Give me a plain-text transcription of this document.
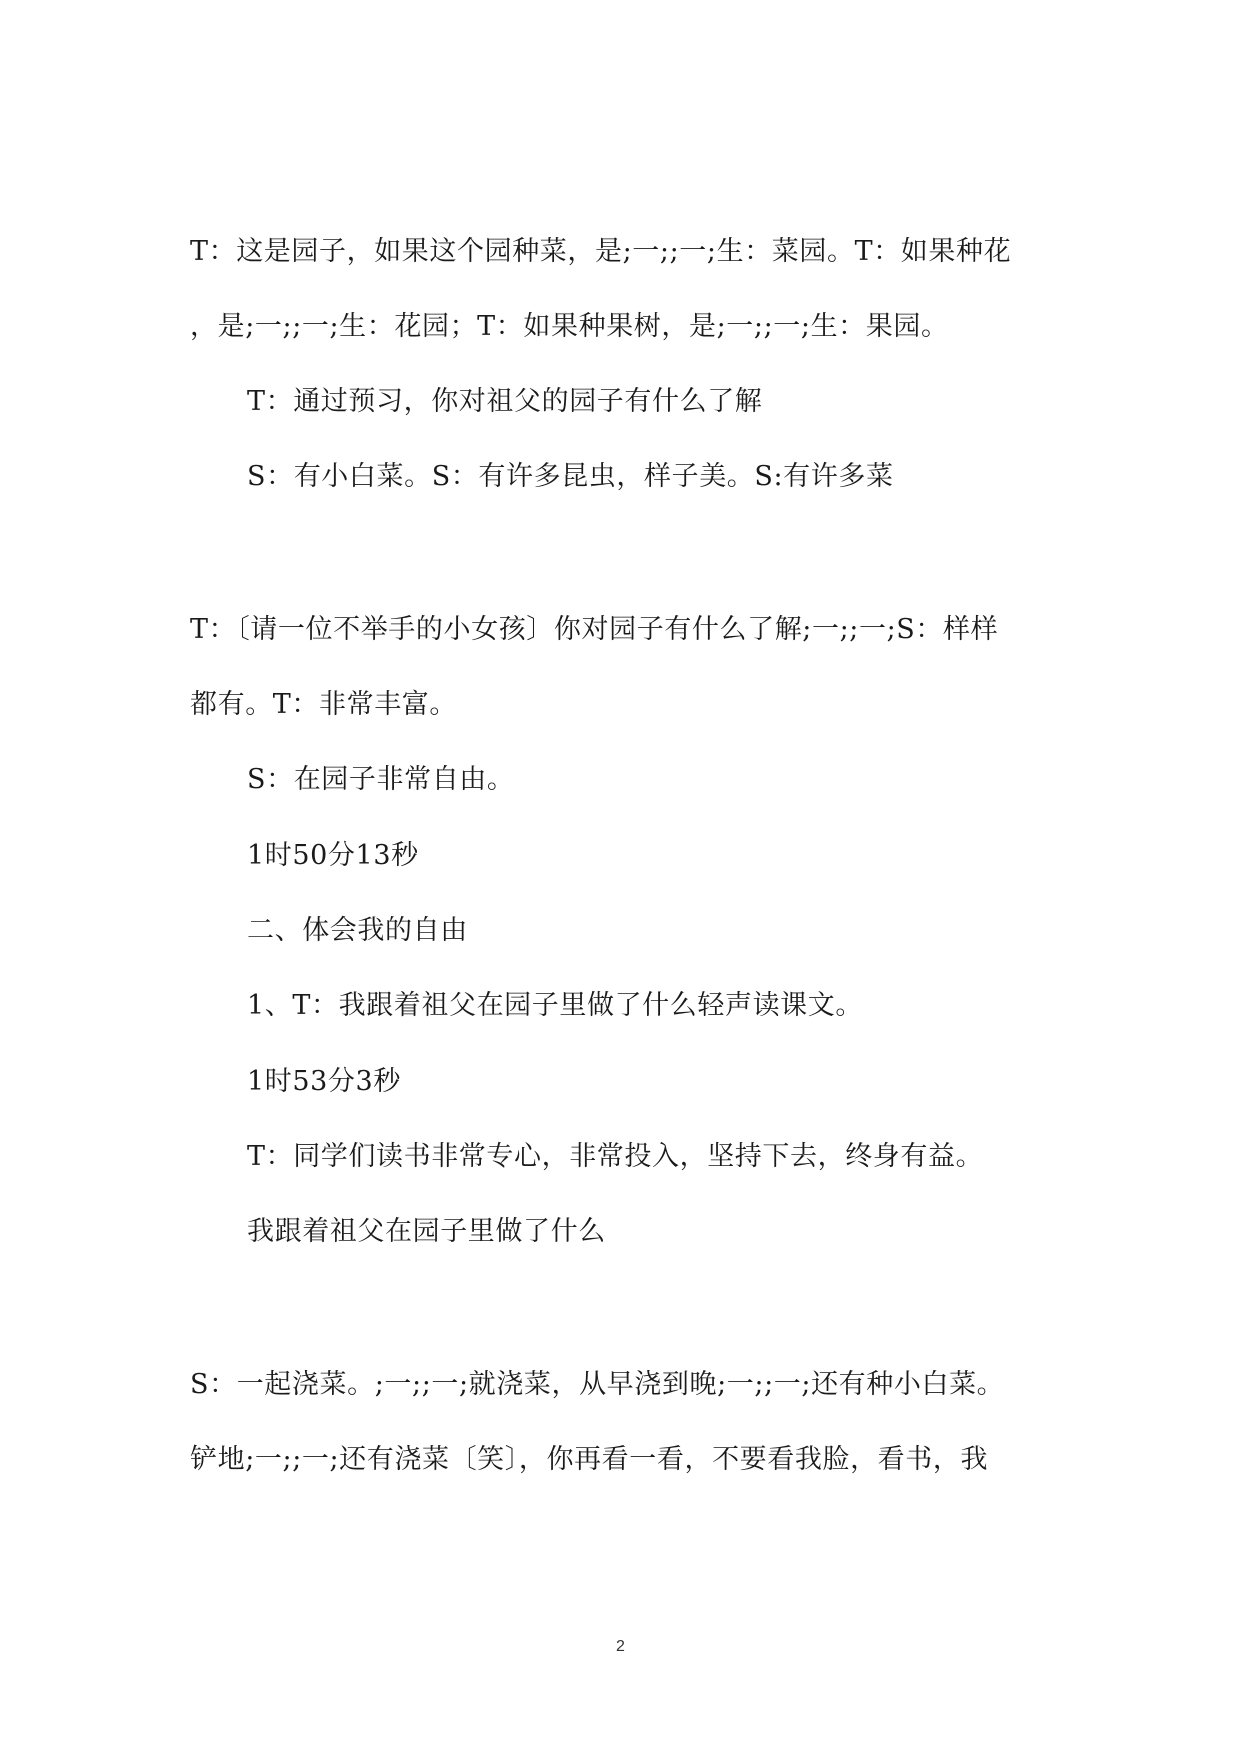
T：这是园子，如果这个园种菜，是;一;;一;生：菜园。T：如果种花
，是;一;;一;生：花园；T：如果种果树，是;一;;一;生：果园。
T：通过预习，你对祖父的园子有什么了解
S：有小白菜。S：有许多昆虫，样子美。S:有许多菜
T：〔请一位不举手的小女孩〕你对园子有什么了解;一;;一;S：样样
都有。T：非常丰富。
S：在园子非常自由。
1时50分13秒
二、体会我的自由
1、T：我跟着祖父在园子里做了什么轻声读课文。
1时53分3秒
T：同学们读书非常专心，非常投入，坚持下去，终身有益。
我跟着祖父在园子里做了什么
S：一起浇菜。;一;;一;就浇菜，从早浇到晚;一;;一;还有种小白菜。
铲地;一;;一;还有浇菜〔笑〕，你再看一看，不要看我脸，看书，我
2
